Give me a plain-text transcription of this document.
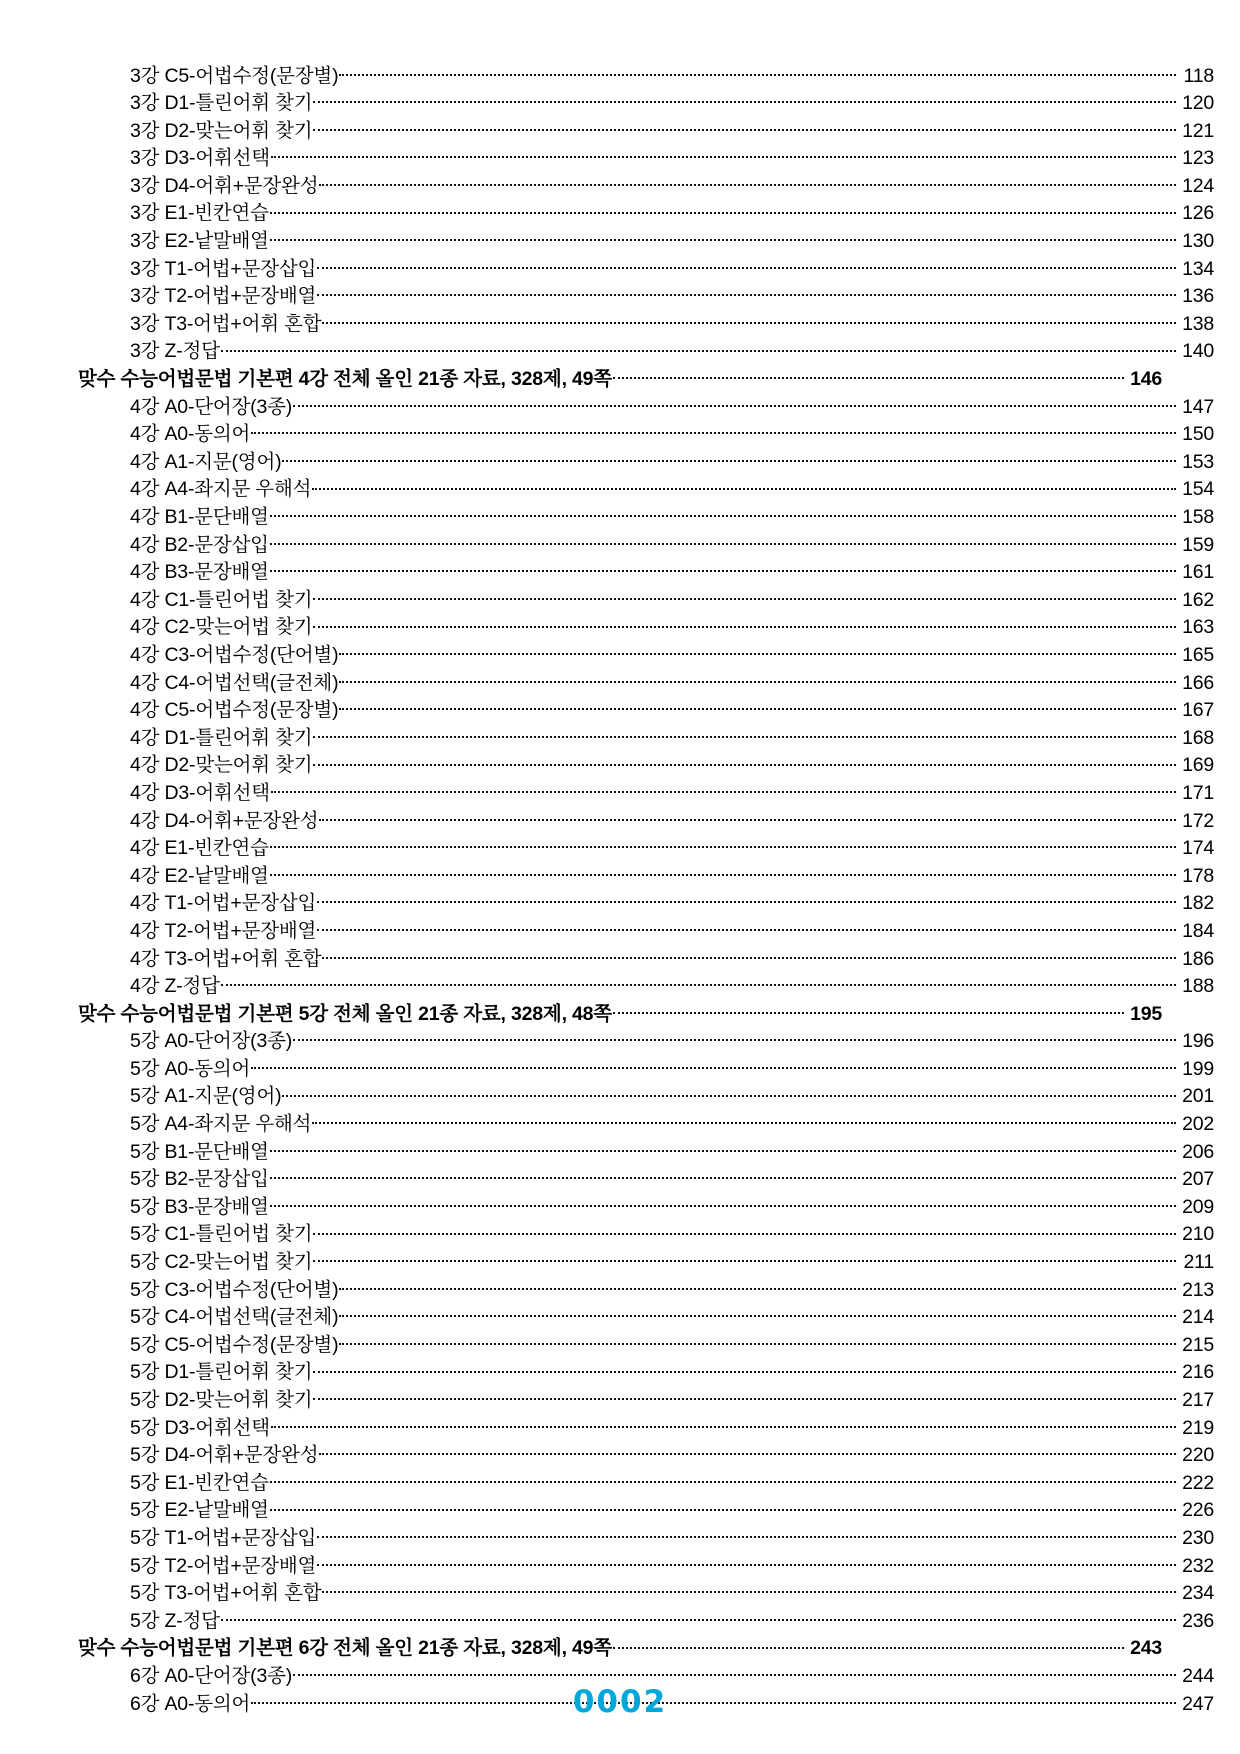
3강 C5-어법수정(문장별)	118
3강 D1-틀린어휘 찾기	120
3강 D2-맞는어휘 찾기	121
3강 D3-어휘선택	123
3강 D4-어휘+문장완성	124
3강 E1-빈칸연습	126
3강 E2-낱말배열	130
3강 T1-어법+문장삽입	134
3강 T2-어법+문장배열	136
3강 T3-어법+어휘 혼합	138
3강 Z-정답	140
맞수 수능어법문법 기본편 4강 전체 올인 21종 자료, 328제, 49쪽	146
4강 A0-단어장(3종)	147
4강 A0-동의어	150
4강 A1-지문(영어)	153
4강 A4-좌지문 우해석	154
4강 B1-문단배열	158
4강 B2-문장삽입	159
4강 B3-문장배열	161
4강 C1-틀린어법 찾기	162
4강 C2-맞는어법 찾기	163
4강 C3-어법수정(단어별)	165
4강 C4-어법선택(글전체)	166
4강 C5-어법수정(문장별)	167
4강 D1-틀린어휘 찾기	168
4강 D2-맞는어휘 찾기	169
4강 D3-어휘선택	171
4강 D4-어휘+문장완성	172
4강 E1-빈칸연습	174
4강 E2-낱말배열	178
4강 T1-어법+문장삽입	182
4강 T2-어법+문장배열	184
4강 T3-어법+어휘 혼합	186
4강 Z-정답	188
맞수 수능어법문법 기본편 5강 전체 올인 21종 자료, 328제, 48쪽	195
5강 A0-단어장(3종)	196
5강 A0-동의어	199
5강 A1-지문(영어)	201
5강 A4-좌지문 우해석	202
5강 B1-문단배열	206
5강 B2-문장삽입	207
5강 B3-문장배열	209
5강 C1-틀린어법 찾기	210
5강 C2-맞는어법 찾기	211
5강 C3-어법수정(단어별)	213
5강 C4-어법선택(글전체)	214
5강 C5-어법수정(문장별)	215
5강 D1-틀린어휘 찾기	216
5강 D2-맞는어휘 찾기	217
5강 D3-어휘선택	219
5강 D4-어휘+문장완성	220
5강 E1-빈칸연습	222
5강 E2-낱말배열	226
5강 T1-어법+문장삽입	230
5강 T2-어법+문장배열	232
5강 T3-어법+어휘 혼합	234
5강 Z-정답	236
맞수 수능어법문법 기본편 6강 전체 올인 21종 자료, 328제, 49쪽	243
6강 A0-단어장(3종)	244
6강 A0-동의어	247
0002
